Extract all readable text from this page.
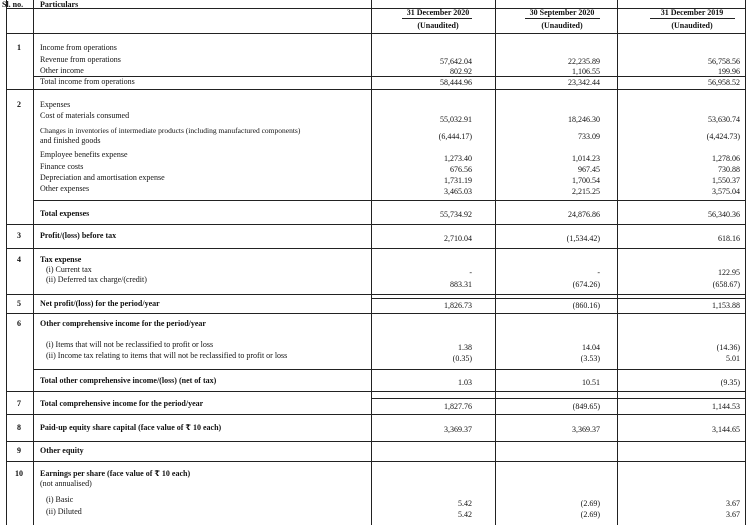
Sl. no. Particulars
31 December 2020
(Unaudited)
30 September 2020
(Unaudited)
31 December 2019
(Unaudited)
1	Income from operations
Revenue from operations	57,642.04	22,235.89	56,758.56
Other income	802.92	1,106.55	199.96
Total income from operations	58,444.96	23,342.44	56,958.52
2	Expenses
Cost of materials consumed	55,032.91	18,246.30	53,630.74
Changes in inventories of intermediate products (including manufactured components)
and finished goods	(6,444.17)	733.09	(4,424.73)
Employee benefits expense	1,273.40	1,014.23	1,278.06
Finance costs	676.56	967.45	730.88
Depreciation and amortisation expense	1,731.19	1,700.54	1,550.37
Other expenses	3,465.03	2,215.25	3,575.04
Total expenses	55,734.92	24,876.86	56,340.36
3	Profit/(loss) before tax	2,710.04	(1,534.42)	618.16
4	Tax expense
(i) Current tax	-	-	122.95
(ii) Deferred tax charge/(credit)
883.31	(674.26)	(658.67)
5	Net profit/(loss) for the period/year	1,826.73	(860.16)	1,153.88
6	Other comprehensive income for the period/year
(i) Items that will not be reclassified to profit or loss	1.38	14.04	(14.36)
(ii) Income tax relating to items that will not be reclassified to profit or loss	(0.35)	(3.53)	5.01
Total other comprehensive income/(loss) (net of tax)	1.03	10.51	(9.35)
7	Total comprehensive income for the period/year	1,827.76	(849.65)	1,144.53
8	Paid-up equity share capital (face value of ₹ 10 each)	3,369.37	3,369.37	3,144.65
9	Other equity
10	Earnings per share (face value of ₹ 10 each)
(not annualised)
(i) Basic	5.42	(2.69)	3.67
(ii) Diluted	5.42	(2.69)	3.67
